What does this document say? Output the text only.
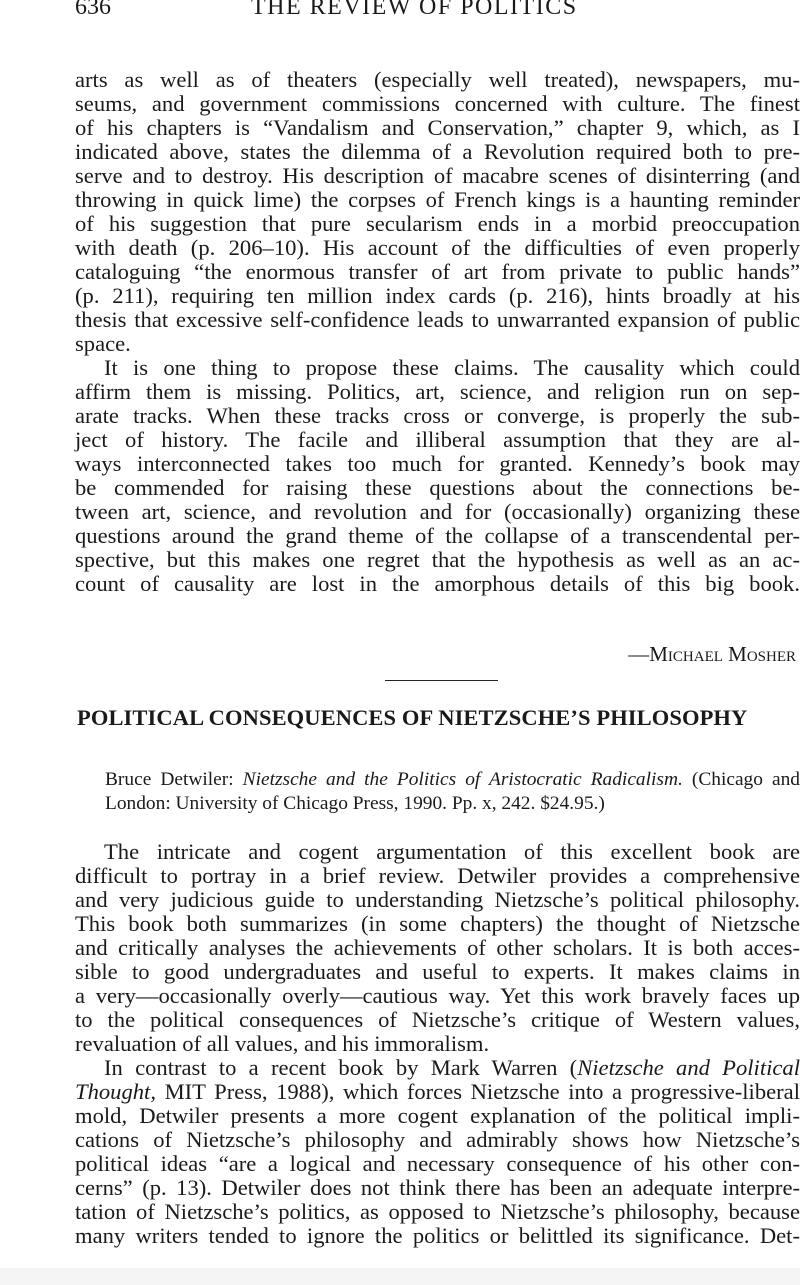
636	THE REVIEW OF POLITICS
arts as well as of theaters (especially well treated), newspapers, mu-
seums, and government commissions concerned with culture. The finest
of his chapters is “Vandalism and Conservation,” chapter 9, which, as I
indicated above, states the dilemma of a Revolution required both to pre-
serve and to destroy. His description of macabre scenes of disinterring (and
throwing in quick lime) the corpses of French kings is a haunting reminder
of his suggestion that pure secularism ends in a morbid preoccupation
with death (p. 206–10). His account of the difficulties of even properly
cataloguing “the enormous transfer of art from private to public hands”
(p. 211), requiring ten million index cards (p. 216), hints broadly at his
thesis that excessive self-confidence leads to unwarranted expansion of public
space.
It is one thing to propose these claims. The causality which could
affirm them is missing. Politics, art, science, and religion run on sep-
arate tracks. When these tracks cross or converge, is properly the sub-
ject of history. The facile and illiberal assumption that they are al-
ways interconnected takes too much for granted. Kennedy’s book may
be commended for raising these questions about the connections be-
tween art, science, and revolution and for (occasionally) organizing these
questions around the grand theme of the collapse of a transcendental per-
spective, but this makes one regret that the hypothesis as well as an ac-
count of causality are lost in the amorphous details of this big book.
—Michael Mosher
POLITICAL CONSEQUENCES OF NIETZSCHE’S PHILOSOPHY
Bruce Detwiler: Nietzsche and the Politics of Aristocratic Radicalism. (Chicago and
London: University of Chicago Press, 1990. Pp. x, 242. $24.95.)
The intricate and cogent argumentation of this excellent book are
difficult to portray in a brief review. Detwiler provides a comprehensive
and very judicious guide to understanding Nietzsche’s political philosophy.
This book both summarizes (in some chapters) the thought of Nietzsche
and critically analyses the achievements of other scholars. It is both acces-
sible to good undergraduates and useful to experts. It makes claims in
a very—occasionally overly—cautious way. Yet this work bravely faces up
to the political consequences of Nietzsche’s critique of Western values,
revaluation of all values, and his immoralism.
In contrast to a recent book by Mark Warren (Nietzsche and Political
Thought, MIT Press, 1988), which forces Nietzsche into a progressive-liberal
mold, Detwiler presents a more cogent explanation of the political impli-
cations of Nietzsche’s philosophy and admirably shows how Nietzsche’s
political ideas “are a logical and necessary consequence of his other con-
cerns” (p. 13). Detwiler does not think there has been an adequate interpre-
tation of Nietzsche’s politics, as opposed to Nietzsche’s philosophy, because
many writers tended to ignore the politics or belittled its significance. Det-
